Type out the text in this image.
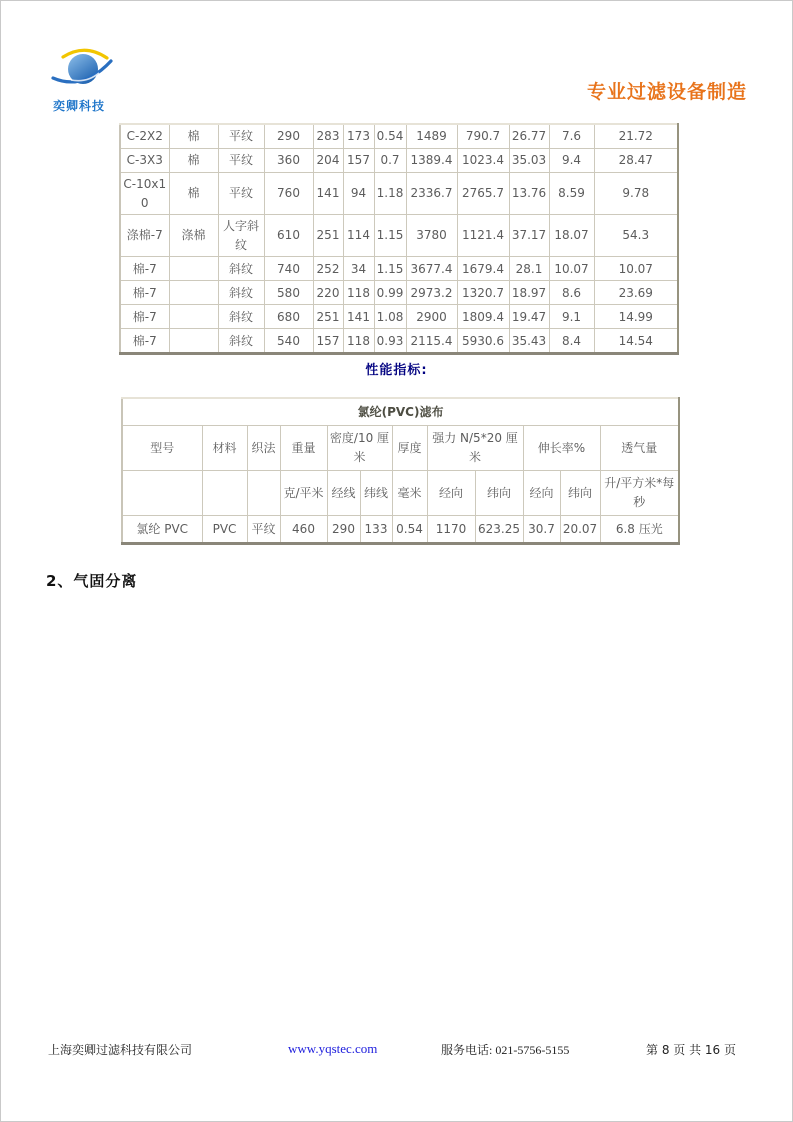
奕卿科技
专业过滤设备制造
C-2X2	棉	平纹	290	283	173	0.54	1489	790.7	26.77	7.6	21.72
C-3X3	棉	平纹	360	204	157	0.7	1389.4	1023.4	35.03	9.4	28.47
C-10x10	棉	平纹	760	141	94	1.18	2336.7	2765.7	13.76	8.59	9.78
涤棉-7	涤棉	人字斜纹	610	251	114	1.15	3780	1121.4	37.17	18.07	54.3
棉-7		斜纹	740	252	34	1.15	3677.4	1679.4	28.1	10.07	10.07
棉-7		斜纹	580	220	118	0.99	2973.2	1320.7	18.97	8.6	23.69
棉-7		斜纹	680	251	141	1.08	2900	1809.4	19.47	9.1	14.99
棉-7		斜纹	540	157	118	0.93	2115.4	5930.6	35.43	8.4	14.54
性能指标:
氯纶(PVC)滤布											
型号	材料	织法	重量	密度/10 厘米		厚度	强力 N/5*20 厘米		伸长率%		透气量
			克/平米	经线	纬线	毫米	经向	纬向	经向	纬向	升/平方米*每秒
氯纶 PVC	PVC	平纹	460	290	133	0.54	1170	623.25	30.7	20.07	6.8 压光
2、气固分离
上海奕卿过滤科技有限公司	www.yqstec.com	服务电话: 021-5756-5155	第 8 页 共 16 页
